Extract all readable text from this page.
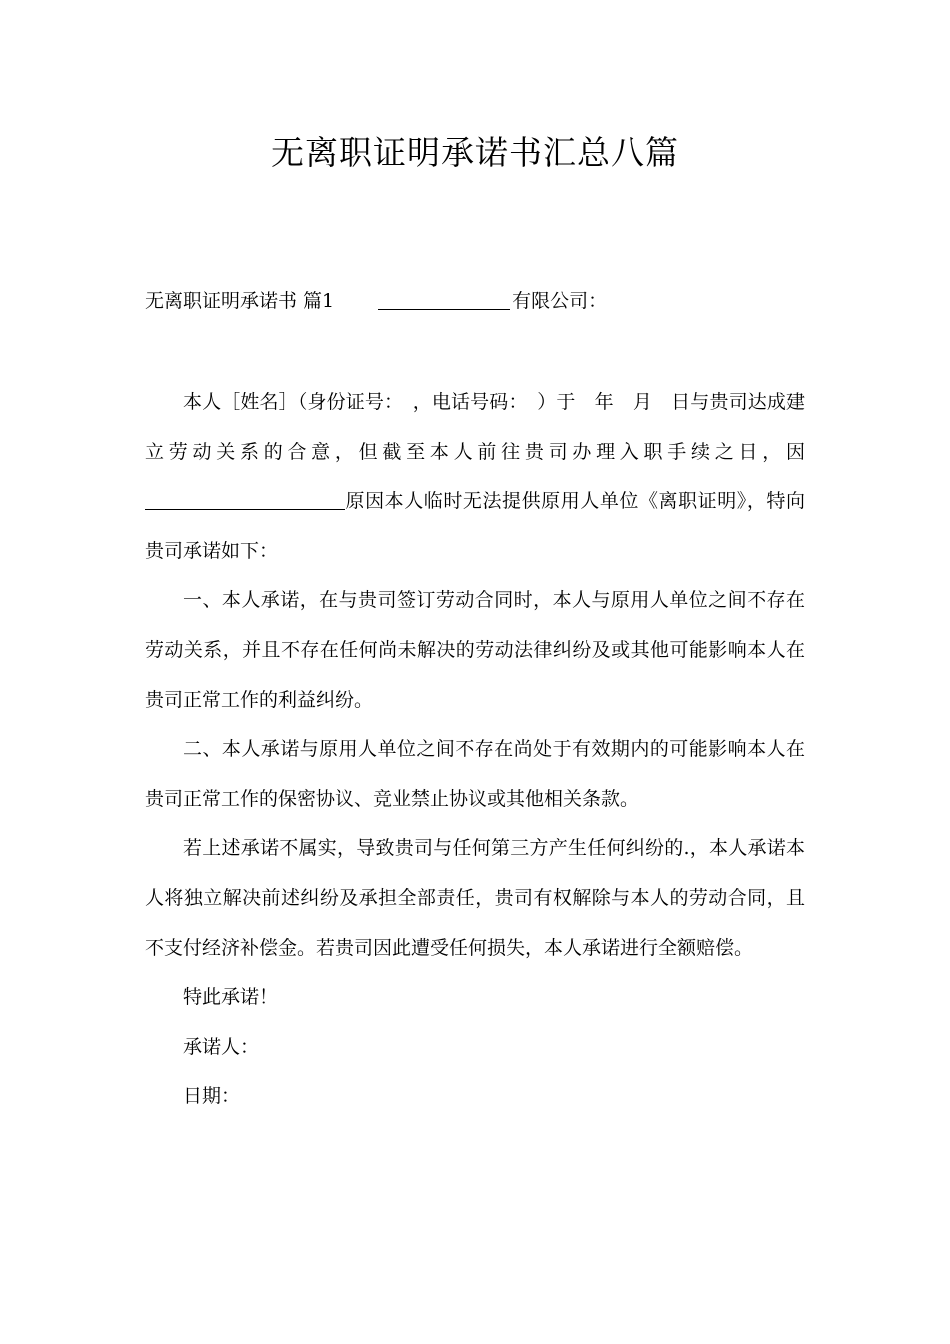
无离职证明承诺书汇总八篇
无离职证明承诺书 篇1	有限公司：

本人［姓名］（身份证号：　，电话号码：　）于　年　月　日与贵司达成建立劳动关系的合意，但截至本人前往贵司办理入职手续之日，因原因本人临时无法提供原用人单位《离职证明》，特向贵司承诺如下：

一、本人承诺，在与贵司签订劳动合同时，本人与原用人单位之间不存在劳动关系，并且不存在任何尚未解决的劳动法律纠纷及或其他可能影响本人在贵司正常工作的利益纠纷。

二、本人承诺与原用人单位之间不存在尚处于有效期内的可能影响本人在贵司正常工作的保密协议、竞业禁止协议或其他相关条款。

若上述承诺不属实，导致贵司与任何第三方产生任何纠纷的.，本人承诺本人将独立解决前述纠纷及承担全部责任，贵司有权解除与本人的劳动合同，且不支付经济补偿金。若贵司因此遭受任何损失，本人承诺进行全额赔偿。

特此承诺！

承诺人：

日期：
